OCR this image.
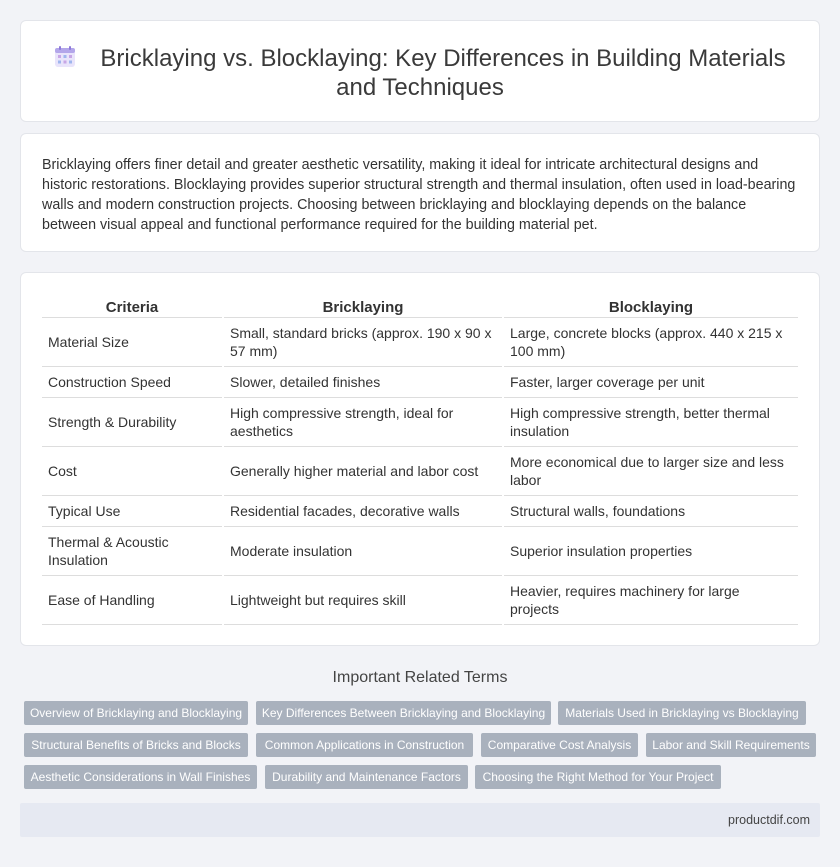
Bricklaying vs. Blocklaying: Key Differences in Building Materials and Techniques

Bricklaying offers finer detail and greater aesthetic versatility, making it ideal for intricate architectural designs and historic restorations. Blocklaying provides superior structural strength and thermal insulation, often used in load-bearing walls and modern construction projects. Choosing between bricklaying and blocklaying depends on the balance between visual appeal and functional performance required for the building material pet.

Criteria	Bricklaying	Blocklaying
Material Size	Small, standard bricks (approx. 190 x 90 x 57 mm)	Large, concrete blocks (approx. 440 x 215 x 100 mm)
Construction Speed	Slower, detailed finishes	Faster, larger coverage per unit
Strength & Durability	High compressive strength, ideal for aesthetics	High compressive strength, better thermal insulation
Cost	Generally higher material and labor cost	More economical due to larger size and less labor
Typical Use	Residential facades, decorative walls	Structural walls, foundations
Thermal & Acoustic Insulation	Moderate insulation	Superior insulation properties
Ease of Handling	Lightweight but requires skill	Heavier, requires machinery for large projects
Important Related Terms
Overview of Bricklaying and Blocklaying	Key Differences Between Bricklaying and Blocklaying	Materials Used in Bricklaying vs Blocklaying
Structural Benefits of Bricks and Blocks	Common Applications in Construction	Comparative Cost Analysis	Labor and Skill Requirements
Aesthetic Considerations in Wall Finishes	Durability and Maintenance Factors	Choosing the Right Method for Your Project
productdif.com
